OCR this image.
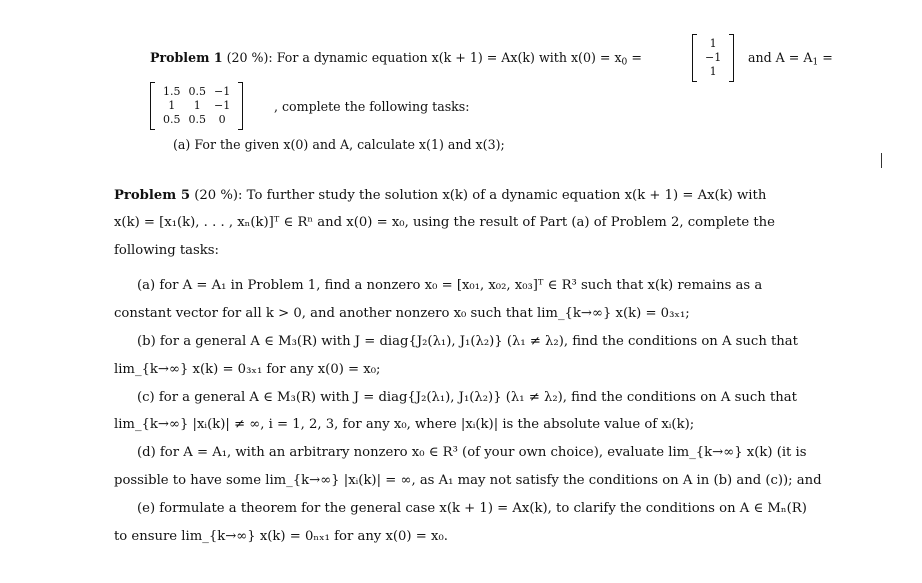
Problem 1 (20 %): For a dynamic equation x(k + 1) = Ax(k) with $x(0) = x_0$ =
1
−1
1
and $A = A_1$ =
1.5	0.5	−1
1	1	−1
0.5	0.5	0
, complete the following tasks:
(a) For the given x(0) and A, calculate x(1) and x(3);
Problem 5 (20 %): To further study the solution x(k) of a dynamic equation x(k + 1) = Ax(k) with
x(k) = [x₁(k), . . . , xₙ(k)]ᵀ ∈ Rⁿ and x(0) = x₀, using the result of Part (a) of Problem 2, complete the
following tasks:
(a) for A = A₁ in Problem 1, find a nonzero x₀ = [x₀₁, x₀₂, x₀₃]ᵀ ∈ R³ such that x(k) remains as a
constant vector for all k > 0, and another nonzero x₀ such that lim_{k→∞} x(k) = 0₃ₓ₁;
(b) for a general A ∈ M₃(R) with J = diag{J₂(λ₁), J₁(λ₂)} (λ₁ ≠ λ₂), find the conditions on A such that
lim_{k→∞} x(k) = 0₃ₓ₁ for any x(0) = x₀;
(c) for a general A ∈ M₃(R) with J = diag{J₂(λ₁), J₁(λ₂)} (λ₁ ≠ λ₂), find the conditions on A such that
lim_{k→∞} |xᵢ(k)| ≠ ∞, i = 1, 2, 3, for any x₀, where |xᵢ(k)| is the absolute value of xᵢ(k);
(d) for A = A₁, with an arbitrary nonzero x₀ ∈ R³ (of your own choice), evaluate lim_{k→∞} x(k) (it is
possible to have some lim_{k→∞} |xᵢ(k)| = ∞, as A₁ may not satisfy the conditions on A in (b) and (c)); and
(e) formulate a theorem for the general case x(k + 1) = Ax(k), to clarify the conditions on A ∈ Mₙ(R)
to ensure lim_{k→∞} x(k) = 0ₙₓ₁ for any x(0) = x₀.
